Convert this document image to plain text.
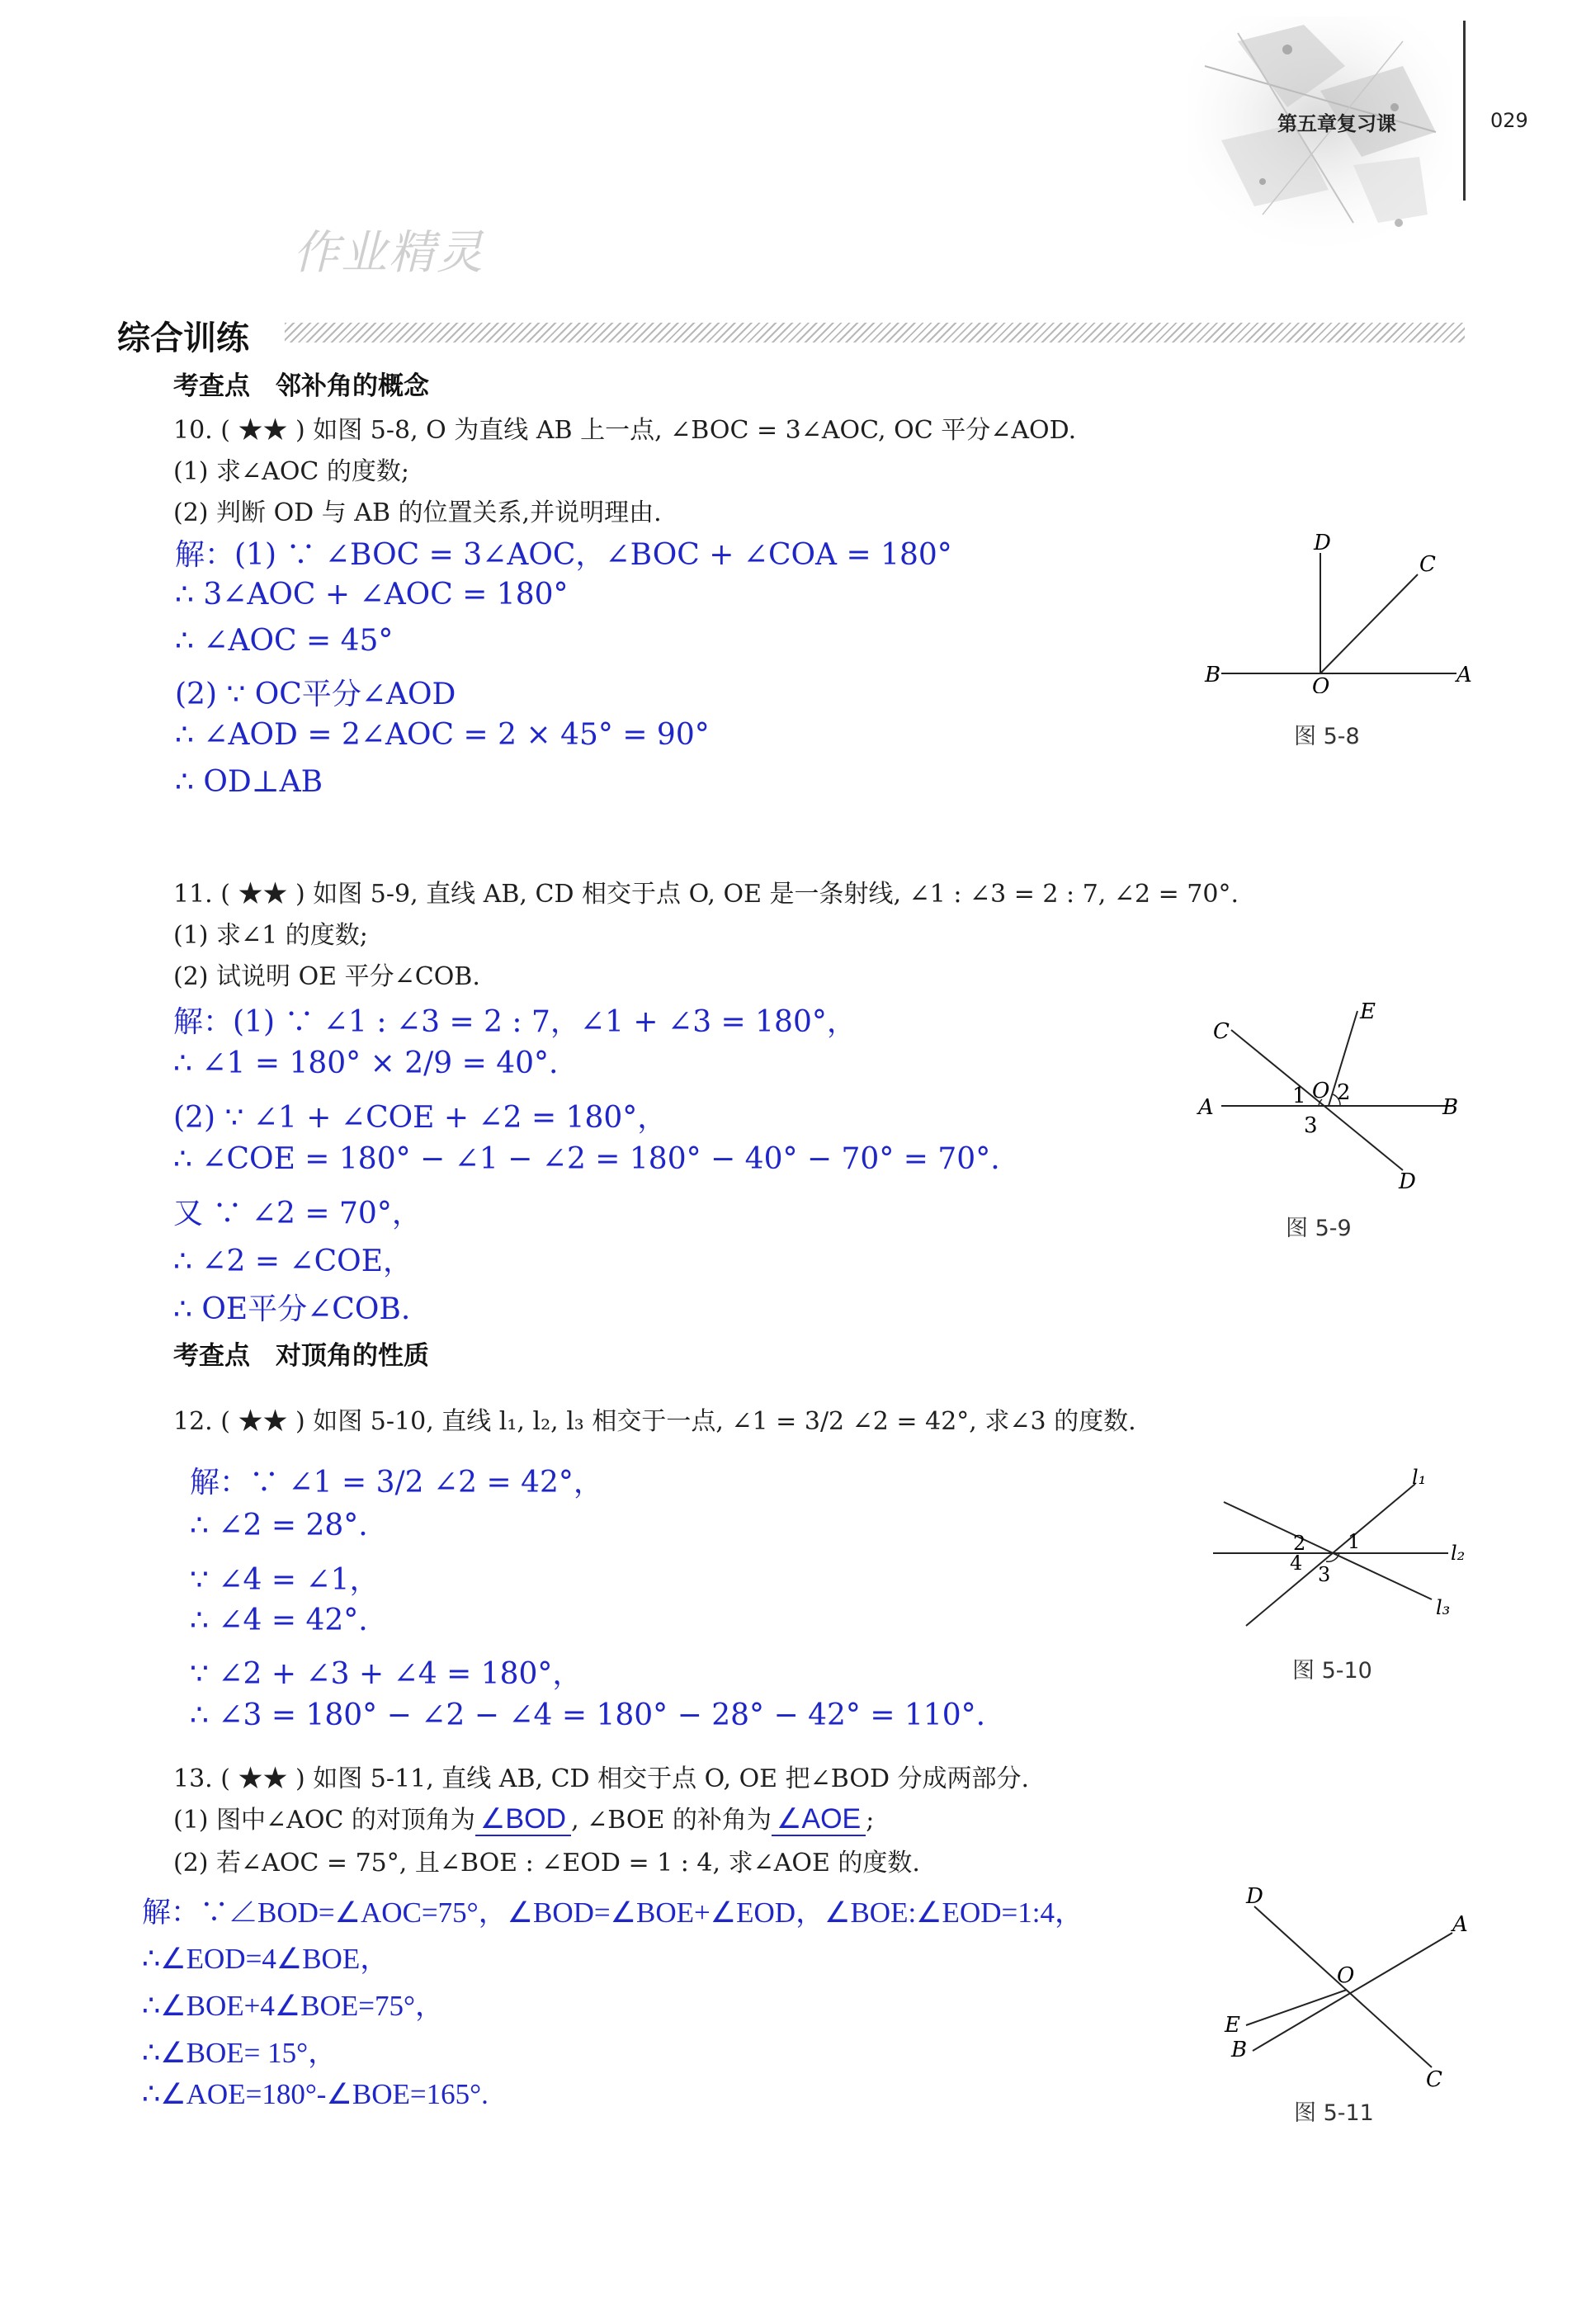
第五章复习课	029
作业精灵
综合训练
考查点　邻补角的概念
10. ( ★★ ) 如图 5-8, O 为直线 AB 上一点, ∠BOC = 3∠AOC, OC 平分∠AOD.
(1) 求∠AOC 的度数;
(2) 判断 OD 与 AB 的位置关系,并说明理由.
解：(1) ∵ ∠BOC = 3∠AOC，∠BOC + ∠COA = 180°
∴ 3∠AOC + ∠AOC = 180°
∴ ∠AOC = 45°
(2) ∵ OC平分∠AOD
∴ ∠AOD = 2∠AOC = 2 × 45° = 90°
∴ OD⊥AB
D
C
B	O	A
图 5-8
11. ( ★★ ) 如图 5-9, 直线 AB, CD 相交于点 O, OE 是一条射线, ∠1 : ∠3 = 2 : 7, ∠2 = 70°.
(1) 求∠1 的度数;
(2) 试说明 OE 平分∠COB.
解：(1) ∵ ∠1 : ∠3 = 2 : 7，∠1 + ∠3 = 180°，
∴ ∠1 = 180° × 2/9 = 40°.
(2) ∵ ∠1 + ∠COE + ∠2 = 180°，
∴ ∠COE = 180° − ∠1 − ∠2 = 180° − 40° − 70° = 70°.
又 ∵ ∠2 = 70°，
∴ ∠2 = ∠COE，
∴ OE平分∠COB.
C
E
O
1 2
A	B
3
D
图 5-9
考查点　对顶角的性质
12. ( ★★ ) 如图 5-10, 直线 l₁, l₂, l₃ 相交于一点, ∠1 = 3/2 ∠2 = 42°, 求∠3 的度数.
解：∵ ∠1 = 3/2 ∠2 = 42°，
∴ ∠2 = 28°.
∵ ∠4 = ∠1，
∴ ∠4 = 42°.
∵ ∠2 + ∠3 + ∠4 = 180°，
∴ ∠3 = 180° − ∠2 − ∠4 = 180° − 28° − 42° = 110°.
l₁
2 1	l₂
4 3
l₃
图 5-10
13. ( ★★ ) 如图 5-11, 直线 AB, CD 相交于点 O, OE 把∠BOD 分成两部分.
(1) 图中∠AOC 的对顶角为 ∠BOD , ∠BOE 的补角为 ∠AOE ;
(2) 若∠AOC = 75°, 且∠BOE : ∠EOD = 1 : 4, 求∠AOE 的度数.
解：∵∠BOD=∠AOC=75°，∠BOD=∠BOE+∠EOD，∠BOE:∠EOD=1:4，
∴∠EOD=4∠BOE，
∴∠BOE+4∠BOE=75°，
∴∠BOE= 15°，
∴∠AOE=180°-∠BOE=165°.
D
A
O
E
B
C
图 5-11
